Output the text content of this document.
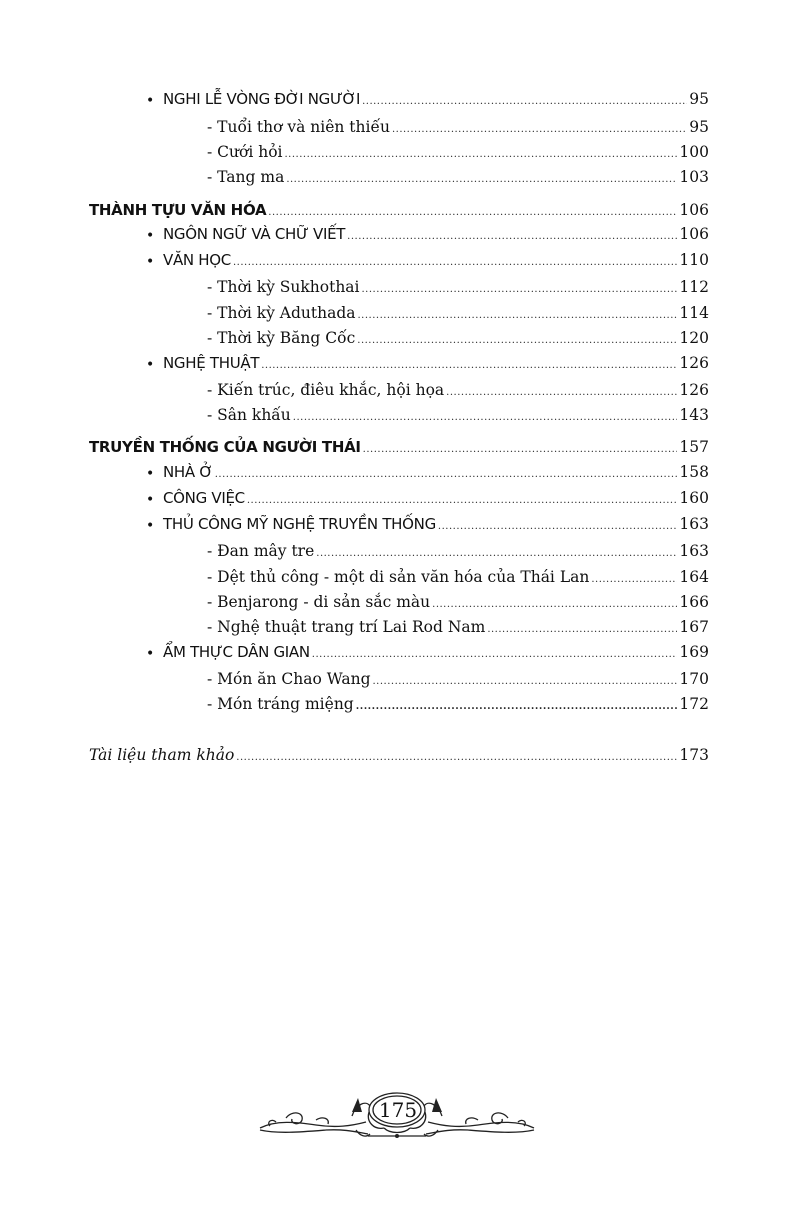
• NGHI LỄ VÒNG ĐỜI NGƯỜI .....	95
- Tuổi thơ và niên thiếu .....	95
- Cưới hỏi .....	100
- Tang ma .....	103
THÀNH TỰU VĂN HÓA .....	106
• NGÔN NGỮ VÀ CHỮ VIẾT .....	106
• VĂN HỌC .....	110
- Thời kỳ Sukhothai .....	112
- Thời kỳ Aduthada .....	114
- Thời kỳ Băng Cốc .....	120
• NGHỆ THUẬT .....	126
- Kiến trúc, điêu khắc, hội họa .....	126
- Sân khấu .....	143
TRUYỀN THỐNG CỦA NGƯỜI THÁI .....	157
• NHÀ Ở .....	158
• CÔNG VIỆC .....	160
• THỦ CÔNG MỸ NGHỆ TRUYỀN THỐNG .....	163
- Đan mây tre .....	163
- Dệt thủ công - một di sản văn hóa của Thái Lan .....	164
- Benjarong - di sản sắc màu .....	166
- Nghệ thuật trang trí Lai Rod Nam .....	167
• ẨM THỰC DÂN GIAN .....	169
- Món ăn Chao Wang .....	170
- Món tráng miệng .....	172
Tài liệu tham khảo .....	173
175
